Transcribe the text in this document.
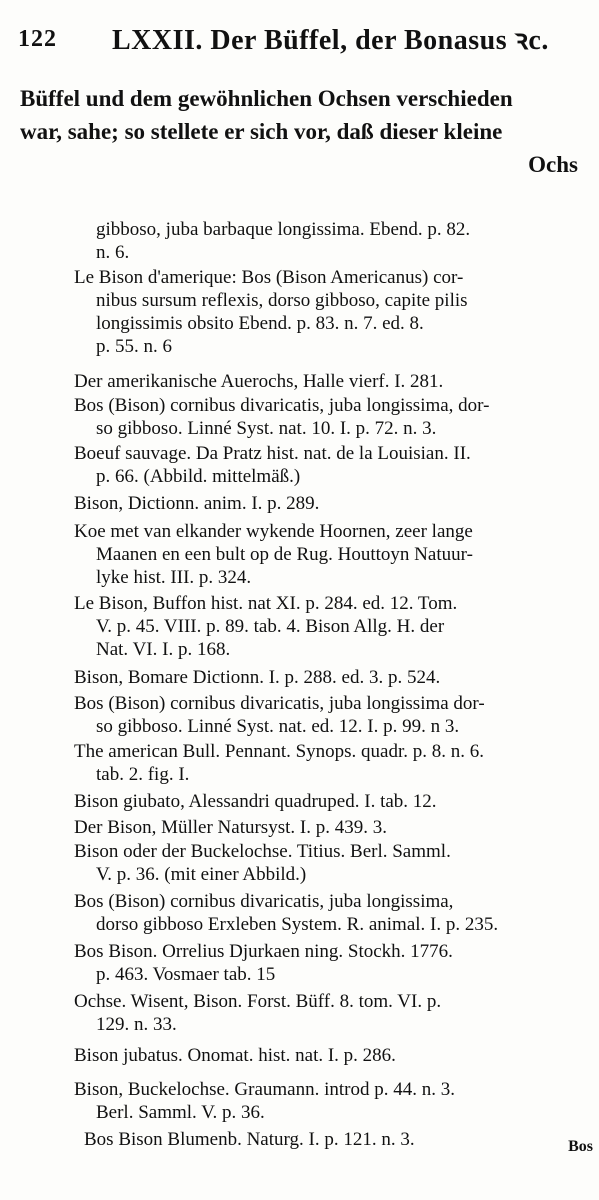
122 LXXII. Der Büffel, der Bonasus ꝛc.
Büffel und dem gewöhnlichen Ochsen verschieden
war, sahe; so stellete er sich vor, daß dieser kleine
Ochs
gibboso, juba barbaque longissima. Ebend. p. 82.
n. 6.
Le Bison d'amerique: Bos (Bison Americanus) cor-
nibus sursum reflexis, dorso gibboso, capite pilis
longissimis obsito Ebend. p. 83. n. 7. ed. 8.
p. 55. n. 6
Der amerikanische Auerochs, Halle vierf. I. 281.
Bos (Bison) cornibus divaricatis, juba longissima, dor-
so gibboso. Linné Syst. nat. 10. I. p. 72. n. 3.
Boeuf sauvage. Da Pratz hist. nat. de la Louisian. II.
p. 66. (Abbild. mittelmäß.)
Bison, Dictionn. anim. I. p. 289.
Koe met van elkander wykende Hoornen, zeer lange
Maanen en een bult op de Rug. Houttoyn Natuur-
lyke hist. III. p. 324.
Le Bison, Buffon hist. nat XI. p. 284. ed. 12. Tom.
V. p. 45. VIII. p. 89. tab. 4. Bison Allg. H. der
Nat. VI. I. p. 168.
Bison, Bomare Dictionn. I. p. 288. ed. 3. p. 524.
Bos (Bison) cornibus divaricatis, juba longissima dor-
so gibboso. Linné Syst. nat. ed. 12. I. p. 99. n 3.
The american Bull. Pennant. Synops. quadr. p. 8. n. 6.
tab. 2. fig. I.
Bison giubato, Alessandri quadruped. I. tab. 12.
Der Bison, Müller Natursyst. I. p. 439. 3.
Bison oder der Buckelochse. Titius. Berl. Samml.
V. p. 36. (mit einer Abbild.)
Bos (Bison) cornibus divaricatis, juba longissima,
dorso gibboso Erxleben System. R. animal. I. p. 235.
Bos Bison. Orrelius Djurkaen ning. Stockh. 1776.
p. 463. Vosmaer tab. 15
Ochse. Wisent, Bison. Forst. Büff. 8. tom. VI. p.
129. n. 33.
Bison jubatus. Onomat. hist. nat. I. p. 286.
Bison, Buckelochse. Graumann. introd p. 44. n. 3.
Berl. Samml. V. p. 36.
Bos Bison Blumenb. Naturg. I. p. 121. n. 3.	Bos
